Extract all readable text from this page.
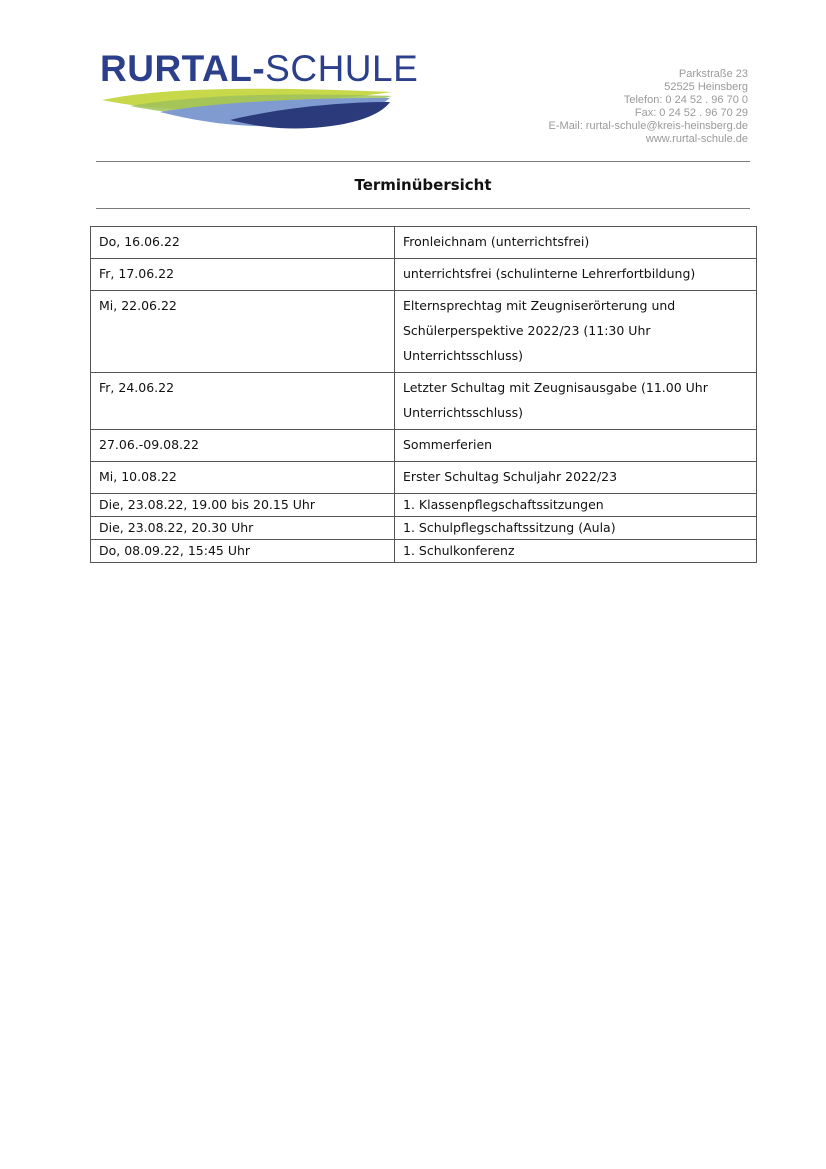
RURTAL-SCHULE	Parkstraße 23
52525 Heinsberg
Telefon: 0 24 52 . 96 70 0
Fax: 0 24 52 . 96 70 29
E-Mail: rurtal-schule@kreis-heinsberg.de
www.rurtal-schule.de
Terminübersicht
Do, 16.06.22	Fronleichnam (unterrichtsfrei)
Fr, 17.06.22	unterrichtsfrei (schulinterne Lehrerfortbildung)
Mi, 22.06.22	Elternsprechtag mit Zeugniserörterung und Schülerperspektive 2022/23 (11:30 Uhr Unterrichtsschluss)
Fr, 24.06.22	Letzter Schultag mit Zeugnisausgabe (11.00 Uhr Unterrichtsschluss)
27.06.-09.08.22	Sommerferien
Mi, 10.08.22	Erster Schultag Schuljahr 2022/23
Die, 23.08.22, 19.00 bis 20.15 Uhr	1. Klassenpflegschaftssitzungen
Die, 23.08.22, 20.30 Uhr	1. Schulpflegschaftssitzung (Aula)
Do, 08.09.22, 15:45 Uhr	1. Schulkonferenz
